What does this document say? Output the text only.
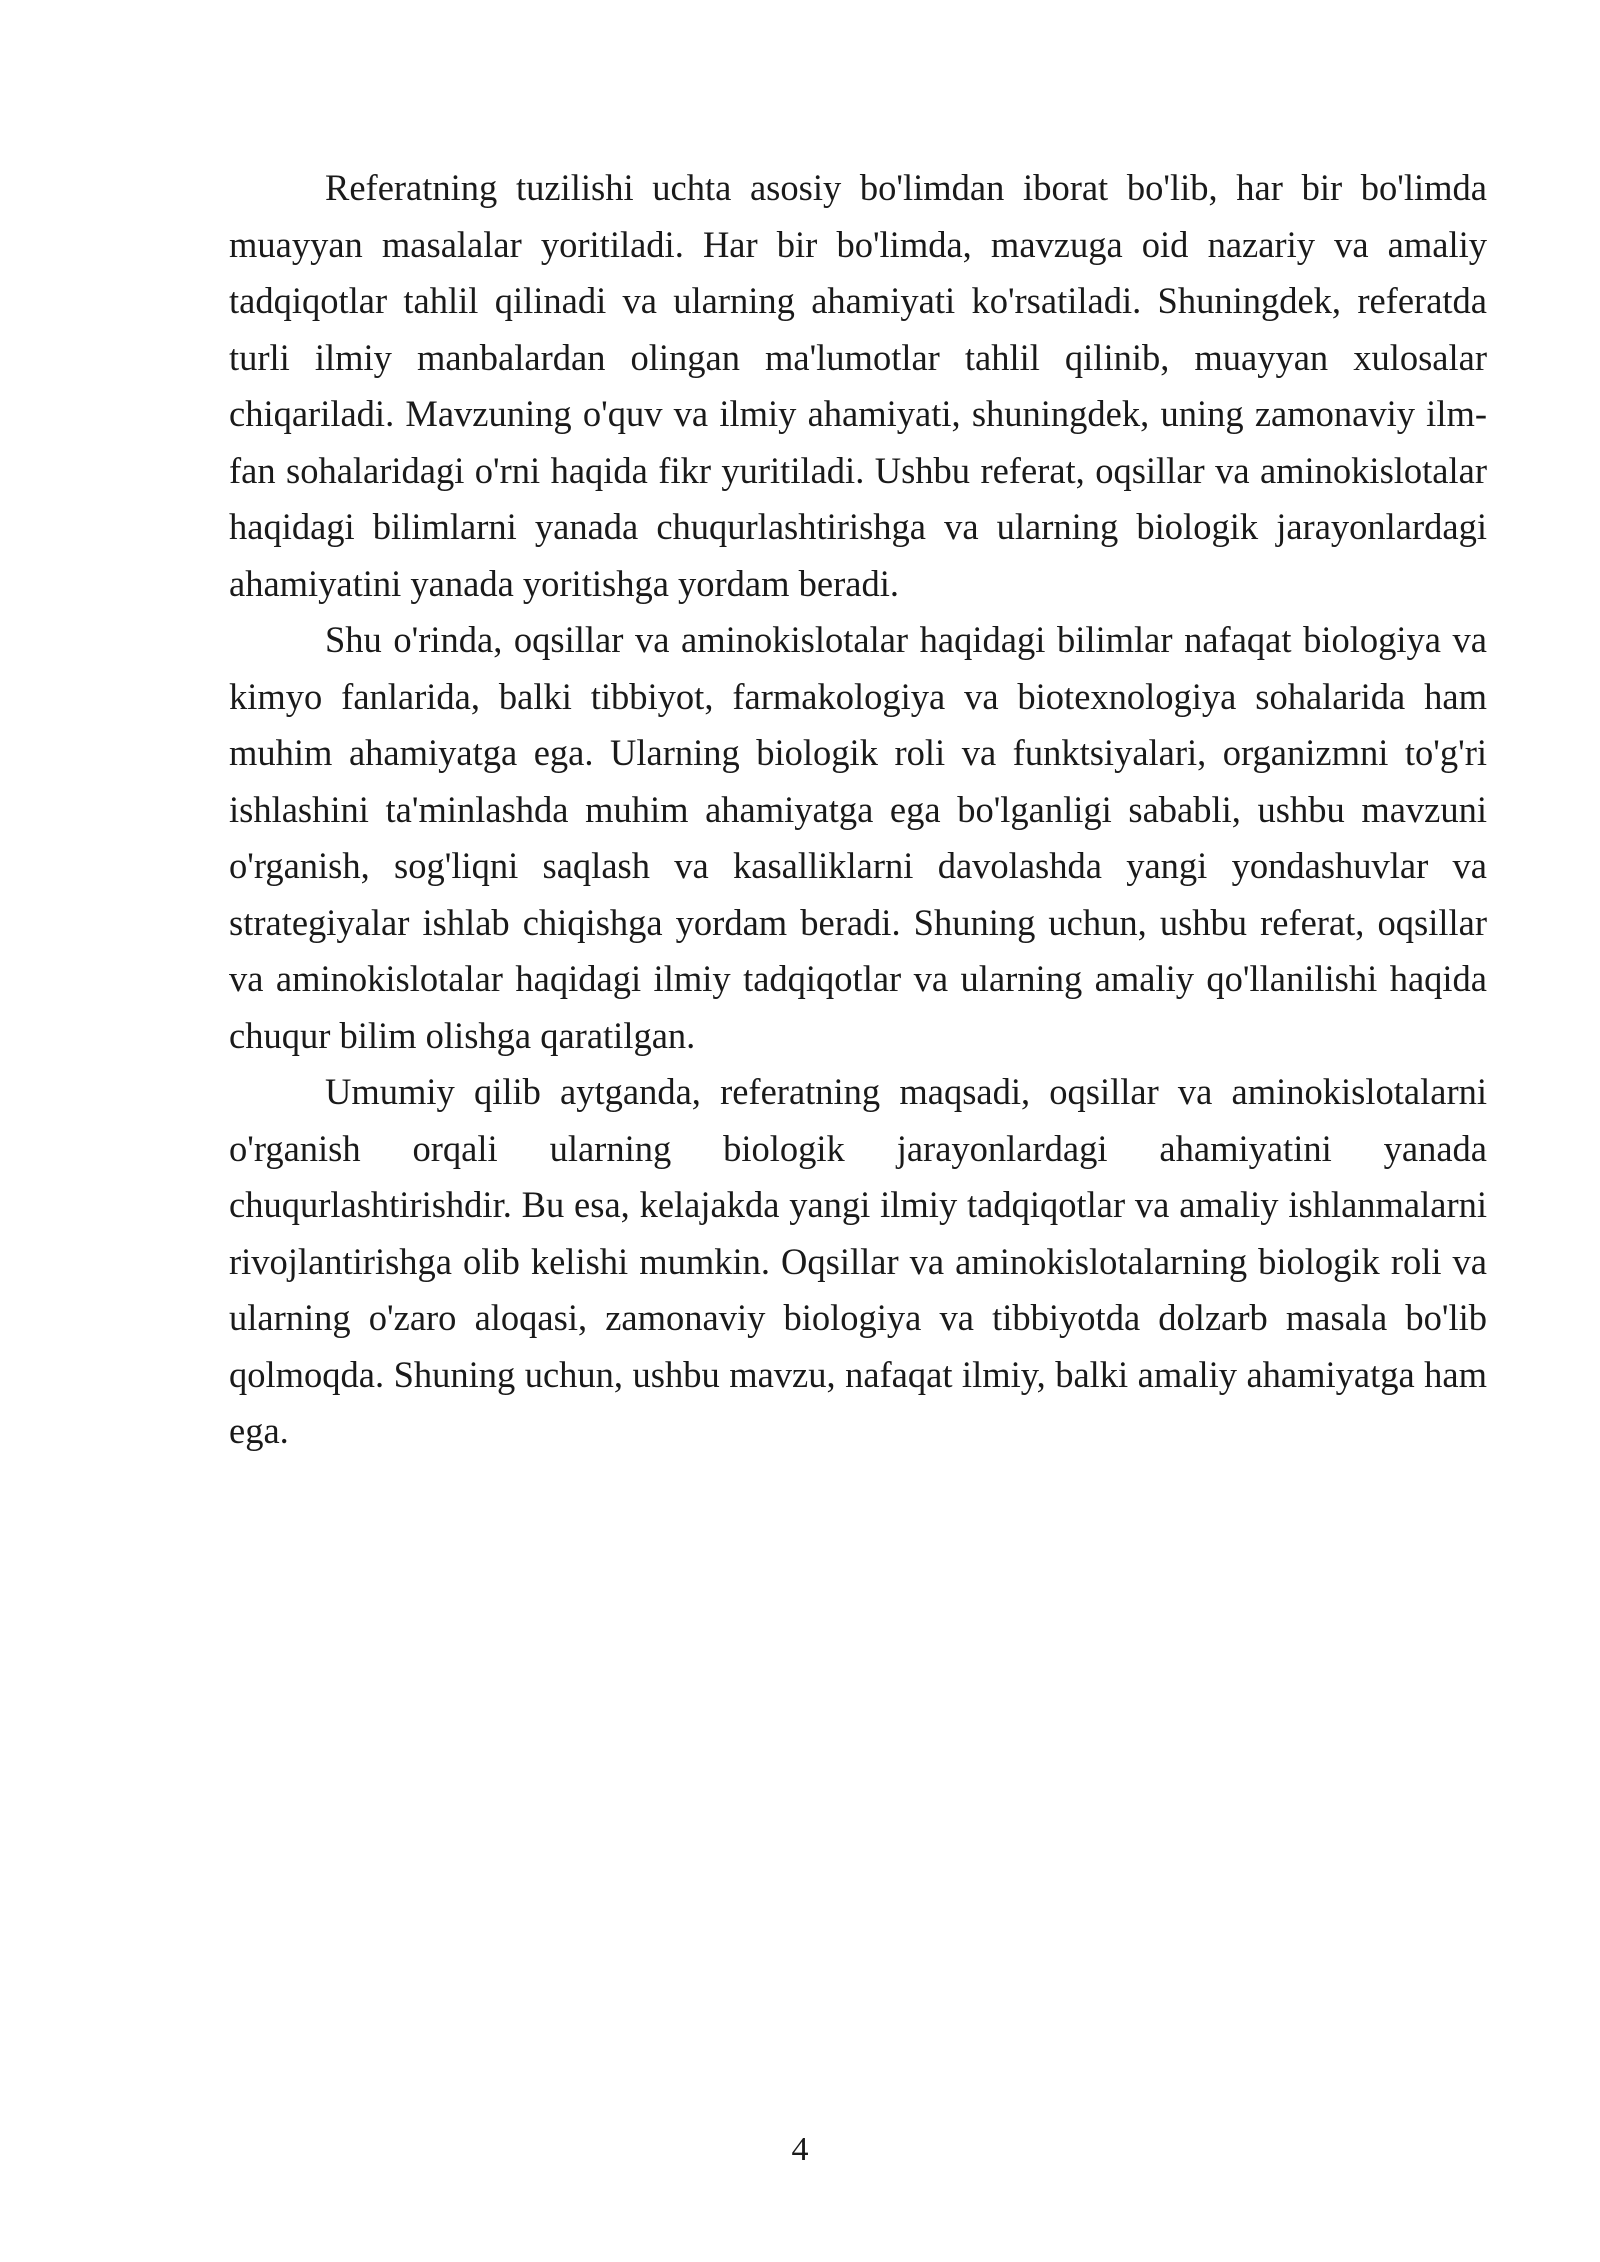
Referatning tuzilishi uchta asosiy bo'limdan iborat bo'lib, har bir bo'limda muayyan masalalar yoritiladi. Har bir bo'limda, mavzuga oid nazariy va amaliy tadqiqotlar tahlil qilinadi va ularning ahamiyati ko'rsatiladi. Shuningdek, referatda turli ilmiy manbalardan olingan ma'lumotlar tahlil qilinib, muayyan xulosalar chiqariladi. Mavzuning o'quv va ilmiy ahamiyati, shuningdek, uning zamonaviy ilm-fan sohalaridagi o'rni haqida fikr yuritiladi. Ushbu referat, oqsillar va aminokislotalar haqidagi bilimlarni yanada chuqurlashtirishga va ularning biologik jarayonlardagi ahamiyatini yanada yoritishga yordam beradi.

Shu o'rinda, oqsillar va aminokislotalar haqidagi bilimlar nafaqat biologiya va kimyo fanlarida, balki tibbiyot, farmakologiya va biotexnologiya sohalarida ham muhim ahamiyatga ega. Ularning biologik roli va funktsiyalari, organizmni to'g'ri ishlashini ta'minlashda muhim ahamiyatga ega bo'lganligi sababli, ushbu mavzuni o'rganish, sog'liqni saqlash va kasalliklarni davolashda yangi yondashuvlar va strategiyalar ishlab chiqishga yordam beradi. Shuning uchun, ushbu referat, oqsillar va aminokislotalar haqidagi ilmiy tadqiqotlar va ularning amaliy qo'llanilishi haqida chuqur bilim olishga qaratilgan.

Umumiy qilib aytganda, referatning maqsadi, oqsillar va aminokislotalarni o'rganish orqali ularning biologik jarayonlardagi ahamiyatini yanada chuqurlashtirishdir. Bu esa, kelajakda yangi ilmiy tadqiqotlar va amaliy ishlanmalarni rivojlantirishga olib kelishi mumkin. Oqsillar va aminokislotalarning biologik roli va ularning o'zaro aloqasi, zamonaviy biologiya va tibbiyotda dolzarb masala bo'lib qolmoqda. Shuning uchun, ushbu mavzu, nafaqat ilmiy, balki amaliy ahamiyatga ham ega.

4
